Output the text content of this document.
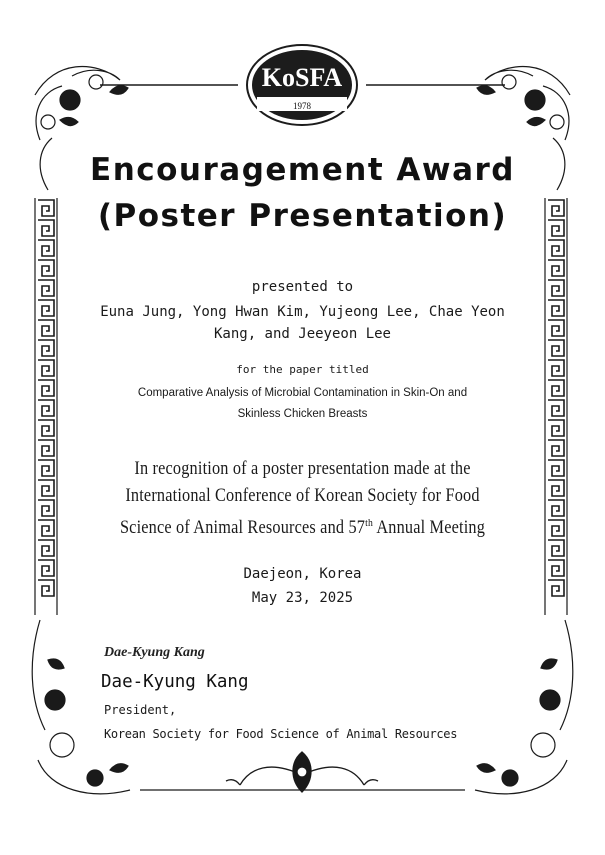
KoSFA
1978
Encouragement Award
(Poster Presentation)
presented to
Euna Jung, Yong Hwan Kim, Yujeong Lee, Chae Yeon
Kang, and Jeeyeon Lee
for the paper titled
Comparative Analysis of Microbial Contamination in Skin-On and
Skinless Chicken Breasts
In recognition of a poster presentation made at the
International Conference of Korean Society for Food
Science of Animal Resources and 57th Annual Meeting
Daejeon, Korea
May 23, 2025
Dae-Kyung Kang
Dae-Kyung Kang
President,
Korean Society for Food Science of Animal Resources
